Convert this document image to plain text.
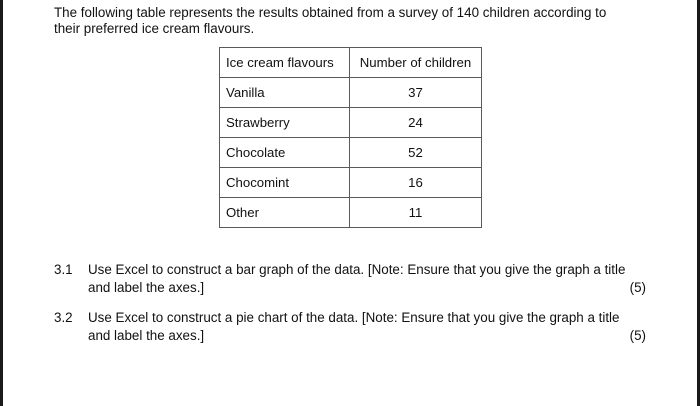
The following table represents the results obtained from a survey of 140 children according to
their preferred ice cream flavours.

Ice cream flavours	Number of children
Vanilla	37
Strawberry	24
Chocolate	52
Chocomint	16
Other	11
3.1 Use Excel to construct a bar graph of the data. [Note: Ensure that you give the graph a title
and label the axes.]	(5)
3.2 Use Excel to construct a pie chart of the data. [Note: Ensure that you give the graph a title
and label the axes.]	(5)
